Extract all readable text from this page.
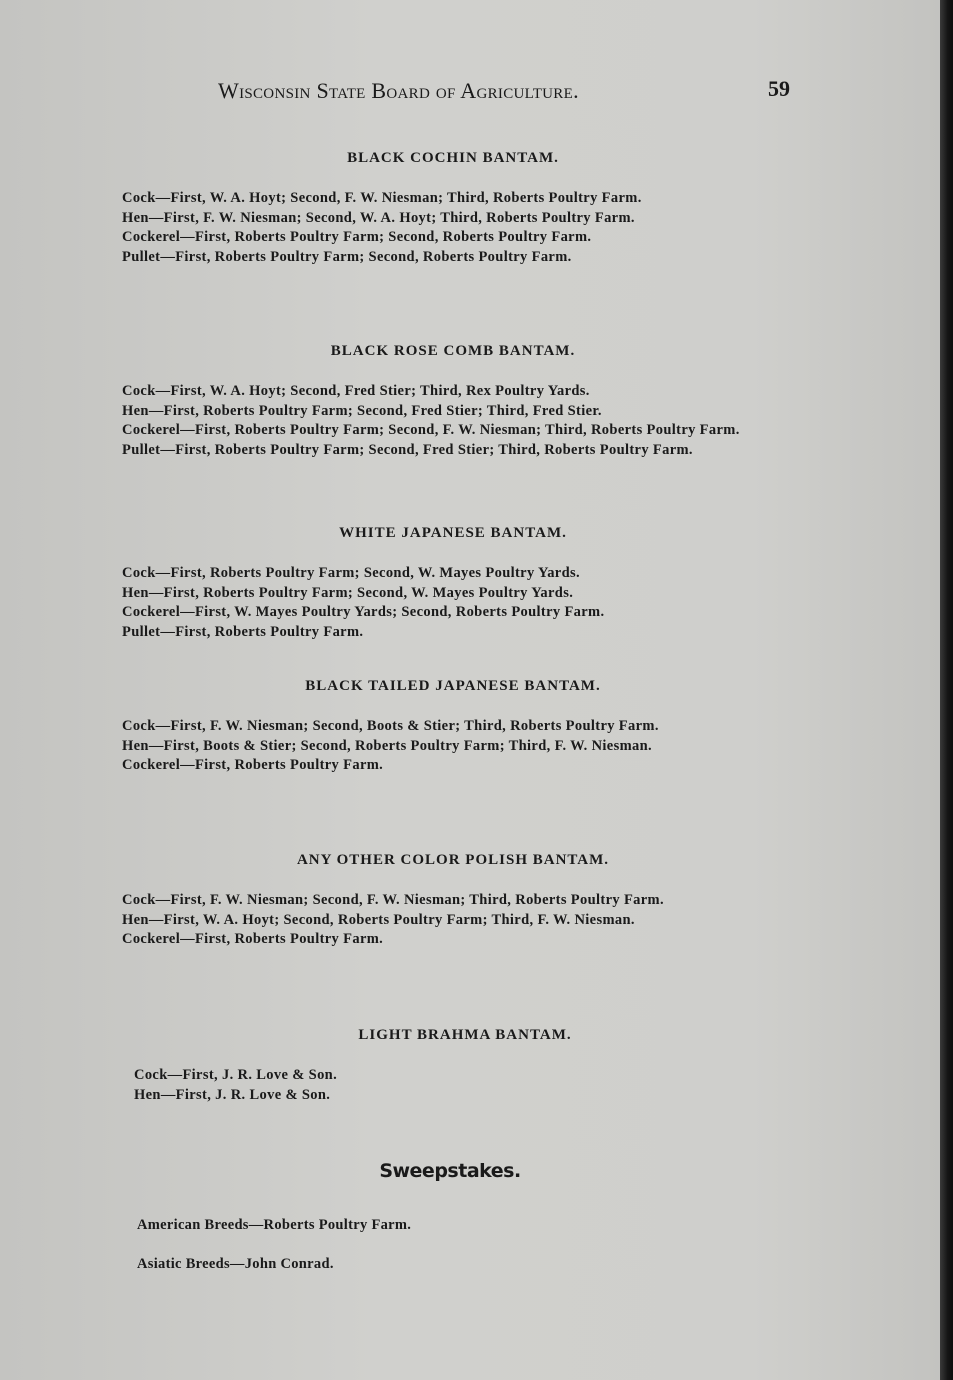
Wisconsin State Board of Agriculture.	59
BLACK COCHIN BANTAM.

Cock—First, W. A. Hoyt; Second, F. W. Niesman; Third, Roberts Poultry Farm.

Hen—First, F. W. Niesman; Second, W. A. Hoyt; Third, Roberts Poultry Farm.

Cockerel—First, Roberts Poultry Farm; Second, Roberts Poultry Farm.

Pullet—First, Roberts Poultry Farm; Second, Roberts Poultry Farm.

BLACK ROSE COMB BANTAM.

Cock—First, W. A. Hoyt; Second, Fred Stier; Third, Rex Poultry Yards.

Hen—First, Roberts Poultry Farm; Second, Fred Stier; Third, Fred Stier.

Cockerel—First, Roberts Poultry Farm; Second, F. W. Niesman; Third, Roberts Poultry Farm.

Pullet—First, Roberts Poultry Farm; Second, Fred Stier; Third, Roberts Poultry Farm.

WHITE JAPANESE BANTAM.

Cock—First, Roberts Poultry Farm; Second, W. Mayes Poultry Yards.

Hen—First, Roberts Poultry Farm; Second, W. Mayes Poultry Yards.

Cockerel—First, W. Mayes Poultry Yards; Second, Roberts Poultry Farm.

Pullet—First, Roberts Poultry Farm.

BLACK TAILED JAPANESE BANTAM.

Cock—First, F. W. Niesman; Second, Boots & Stier; Third, Roberts Poultry Farm.

Hen—First, Boots & Stier; Second, Roberts Poultry Farm; Third, F. W. Niesman.

Cockerel—First, Roberts Poultry Farm.

ANY OTHER COLOR POLISH BANTAM.

Cock—First, F. W. Niesman; Second, F. W. Niesman; Third, Roberts Poultry Farm.

Hen—First, W. A. Hoyt; Second, Roberts Poultry Farm; Third, F. W. Niesman.

Cockerel—First, Roberts Poultry Farm.

LIGHT BRAHMA BANTAM.

Cock—First, J. R. Love & Son.

Hen—First, J. R. Love & Son.

Sweepstakes.
American Breeds—Roberts Poultry Farm.
Asiatic Breeds—John Conrad.
